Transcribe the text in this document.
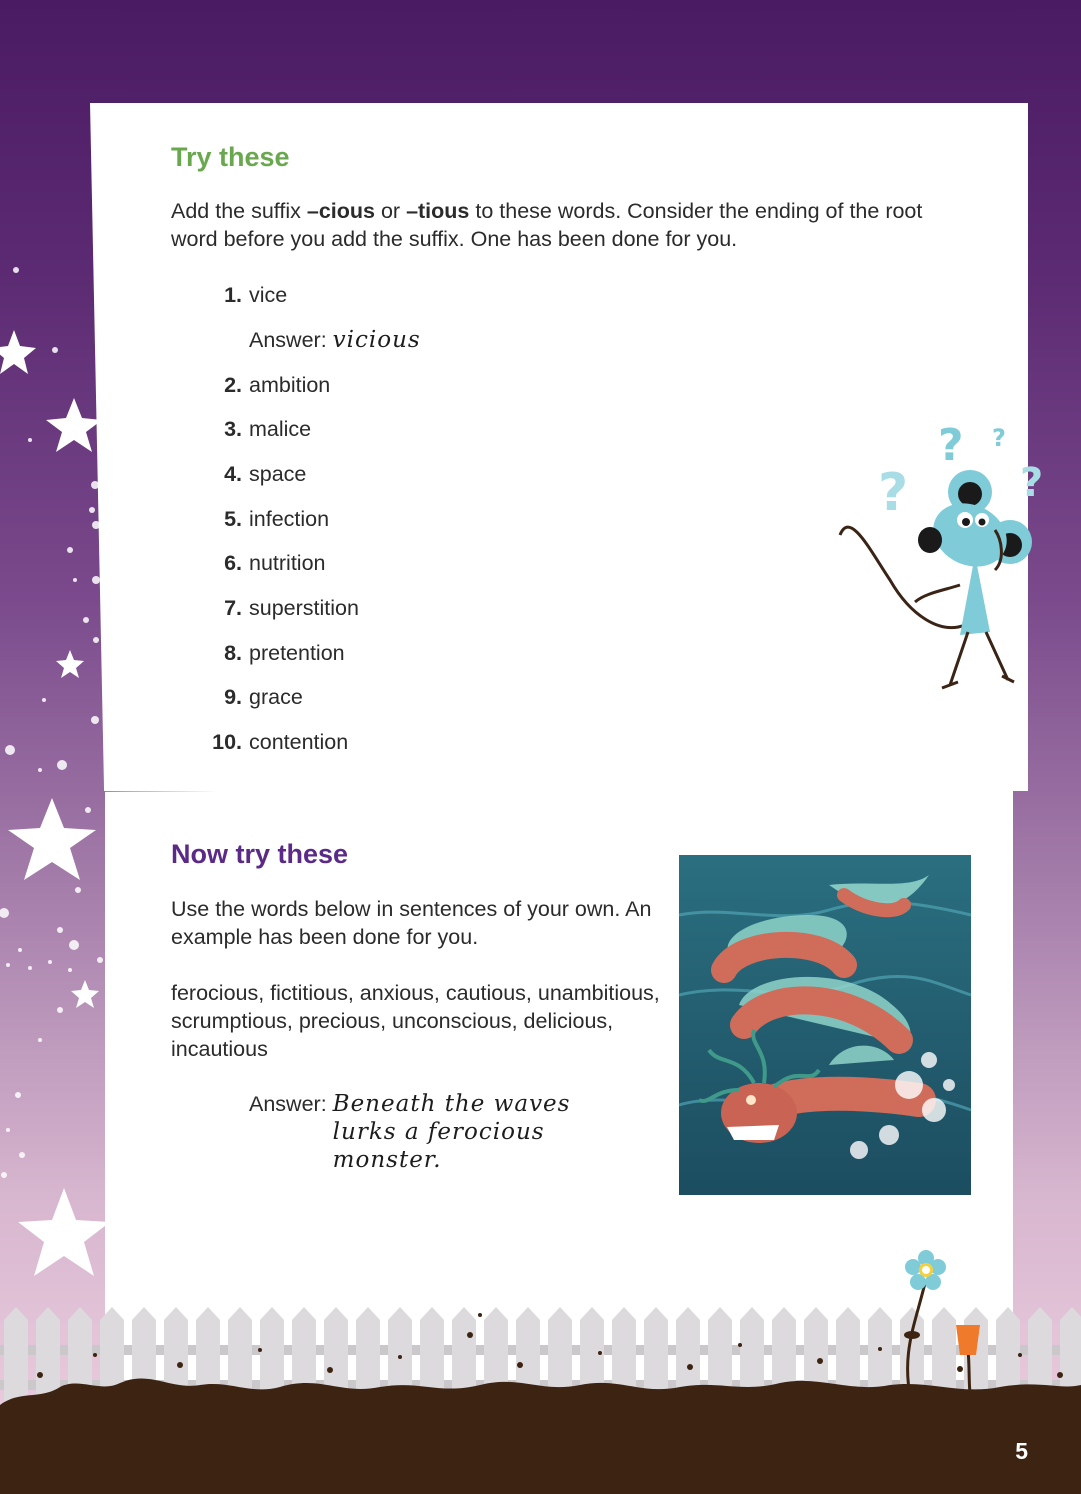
Try these
Add the suffix –cious or –tious to these words. Consider the ending of the root word before you add the suffix. One has been done for you.
1. vice
Answer: vicious
2. ambition
3. malice
4. space
5. infection
6. nutrition
7. superstition
8. pretention
9. grace
10. contention
?
? ?
?
Now try these
Use the words below in sentences of your own. An example has been done for you.
ferocious, fictitious, anxious, cautious, unambitious, scrumptious, precious, unconscious, delicious, incautious
Answer: Beneath the waves lurks a ferocious monster.
5
